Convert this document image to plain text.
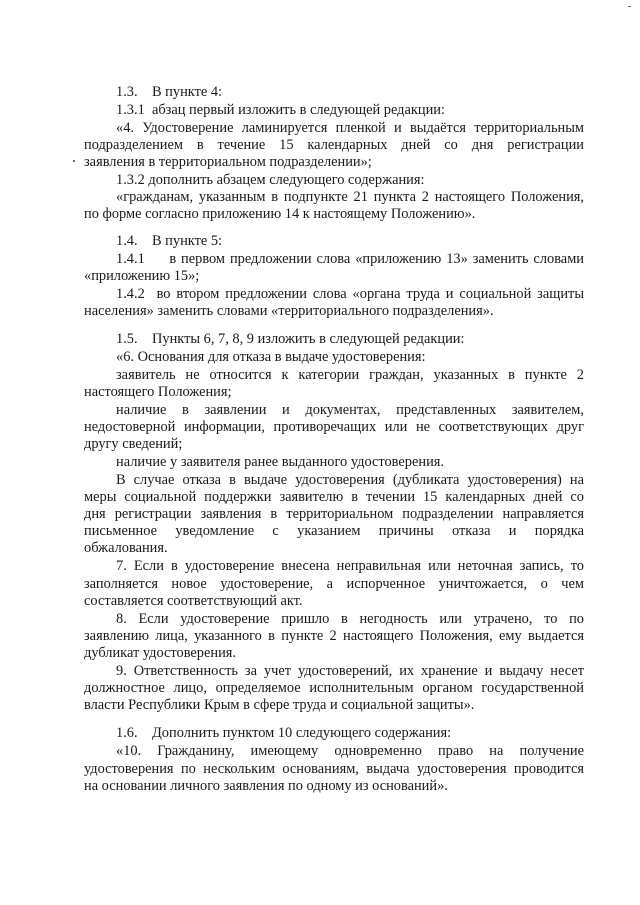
1.3.    В пункте 4:

1.3.1  абзац первый изложить в следующей редакции:

«4. Удостоверение ламинируется пленкой и выдаётся территориальным

подразделением в течение 15 календарных дней со дня регистрации

заявления в территориальном подразделении»;

1.3.2 дополнить абзацем следующего содержания:

«гражданам, указанным в подпункте 21 пункта 2 настоящего Положения,

по форме согласно приложению 14 к настоящему Положению».

1.4.    В пункте 5:

1.4.1     в первом предложении слова «приложению 13» заменить словами

«приложению 15»;

1.4.2  во втором предложении слова «органа труда и социальной защиты

населения» заменить словами «территориального подразделения».

1.5.    Пункты 6, 7, 8, 9 изложить в следующей редакции:

«6. Основания для отказа в выдаче удостоверения:

заявитель не относится к категории граждан, указанных в пункте 2

настоящего Положения;

наличие в заявлении и документах, представленных заявителем,

недостоверной информации, противоречащих или не соответствующих друг

другу сведений;

наличие у заявителя ранее выданного удостоверения.

В случае отказа в выдаче удостоверения (дубликата удостоверения) на

меры социальной поддержки заявителю в течении 15 календарных дней со

дня регистрации заявления в территориальном подразделении направляется

письменное уведомление с указанием причины отказа и порядка

обжалования.

7. Если в удостоверение внесена неправильная или неточная запись, то

заполняется новое удостоверение, а испорченное уничтожается, о чем

составляется соответствующий акт.

8. Если удостоверение пришло в негодность или утрачено, то по

заявлению лица, указанного в пункте 2 настоящего Положения, ему выдается

дубликат удостоверения.

9. Ответственность за учет удостоверений, их хранение и выдачу несет

должностное лицо, определяемое исполнительным органом государственной

власти Республики Крым в сфере труда и социальной защиты».

1.6.    Дополнить пунктом 10 следующего содержания:

«10. Гражданину, имеющему одновременно право на получение

удостоверения по нескольким основаниям, выдача удостоверения проводится

на основании личного заявления по одному из оснований».
